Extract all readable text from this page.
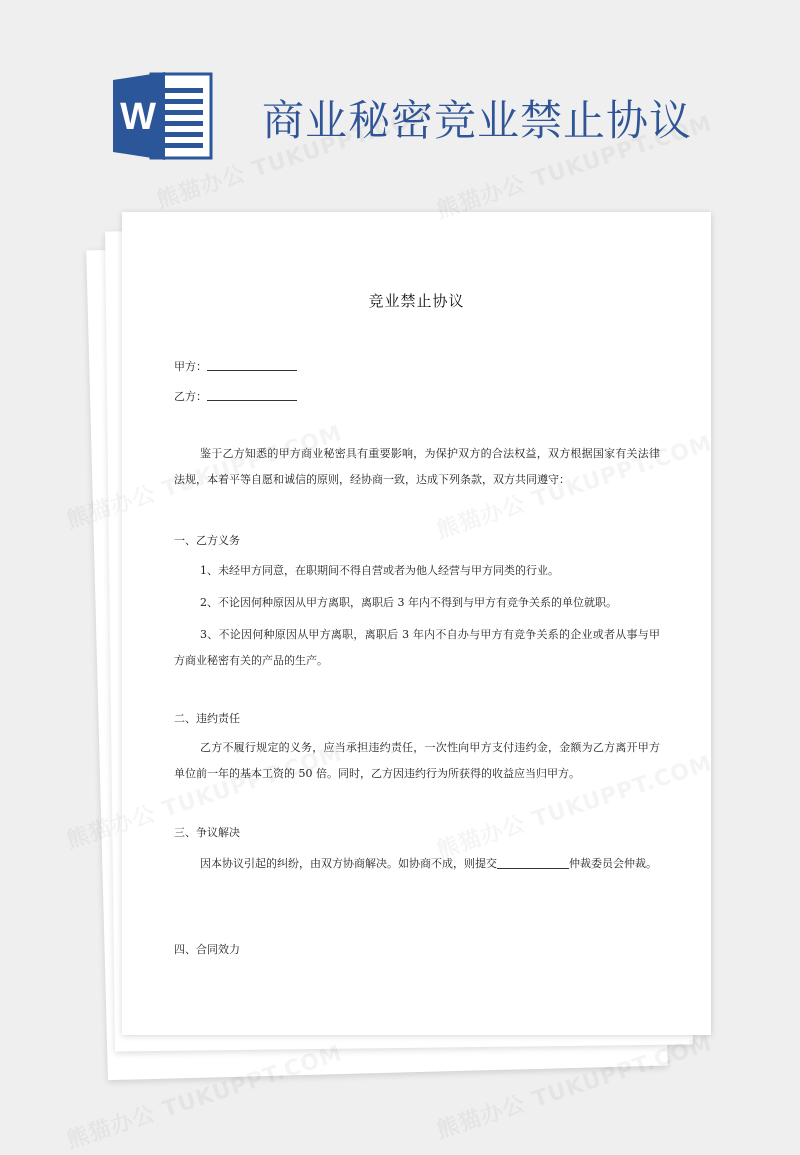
W	商业秘密竞业禁止协议
竞业禁止协议
甲方：
乙方：
鉴于乙方知悉的甲方商业秘密具有重要影响，为保护双方的合法权益，双方根据国家有关法律法规，本着平等自愿和诚信的原则，经协商一致，达成下列条款，双方共同遵守：
一、乙方义务
1、未经甲方同意，在职期间不得自营或者为他人经营与甲方同类的行业。
2、不论因何种原因从甲方离职，离职后 3 年内不得到与甲方有竞争关系的单位就职。
3、不论因何种原因从甲方离职，离职后 3 年内不自办与甲方有竞争关系的企业或者从事与甲方商业秘密有关的产品的生产。
二、违约责任
乙方不履行规定的义务，应当承担违约责任，一次性向甲方支付违约金，金额为乙方离开甲方单位前一年的基本工资的 50 倍。同时，乙方因违约行为所获得的收益应当归甲方。
三、争议解决
因本协议引起的纠纷，由双方协商解决。如协商不成，则提交	仲裁委员会仲裁。
四、合同效力
